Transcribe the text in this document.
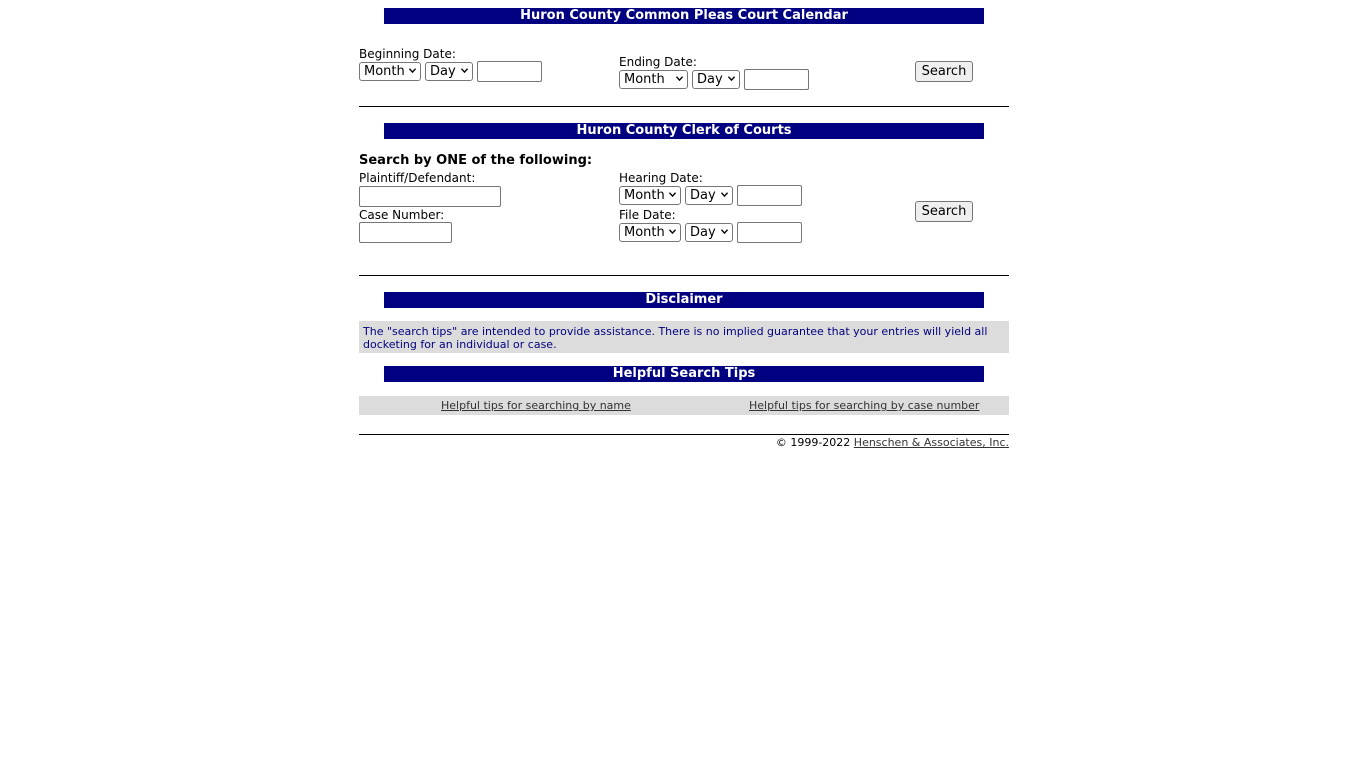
Huron County Common Pleas Court Calendar
Beginning Date:
Month	Day
Ending Date:
Month	Day
Search
Huron County Clerk of Courts
Search by ONE of the following:
Plaintiff/Defendant:
Case Number:
Hearing Date:
Month	Day
File Date:
Month	Day
Search
Disclaimer
The "search tips" are intended to provide assistance. There is no implied guarantee that your entries will yield all docketing for an individual or case.
Helpful Search Tips
Helpful tips for searching by name	Helpful tips for searching by case number
© 1999-2022 Henschen & Associates, Inc.
